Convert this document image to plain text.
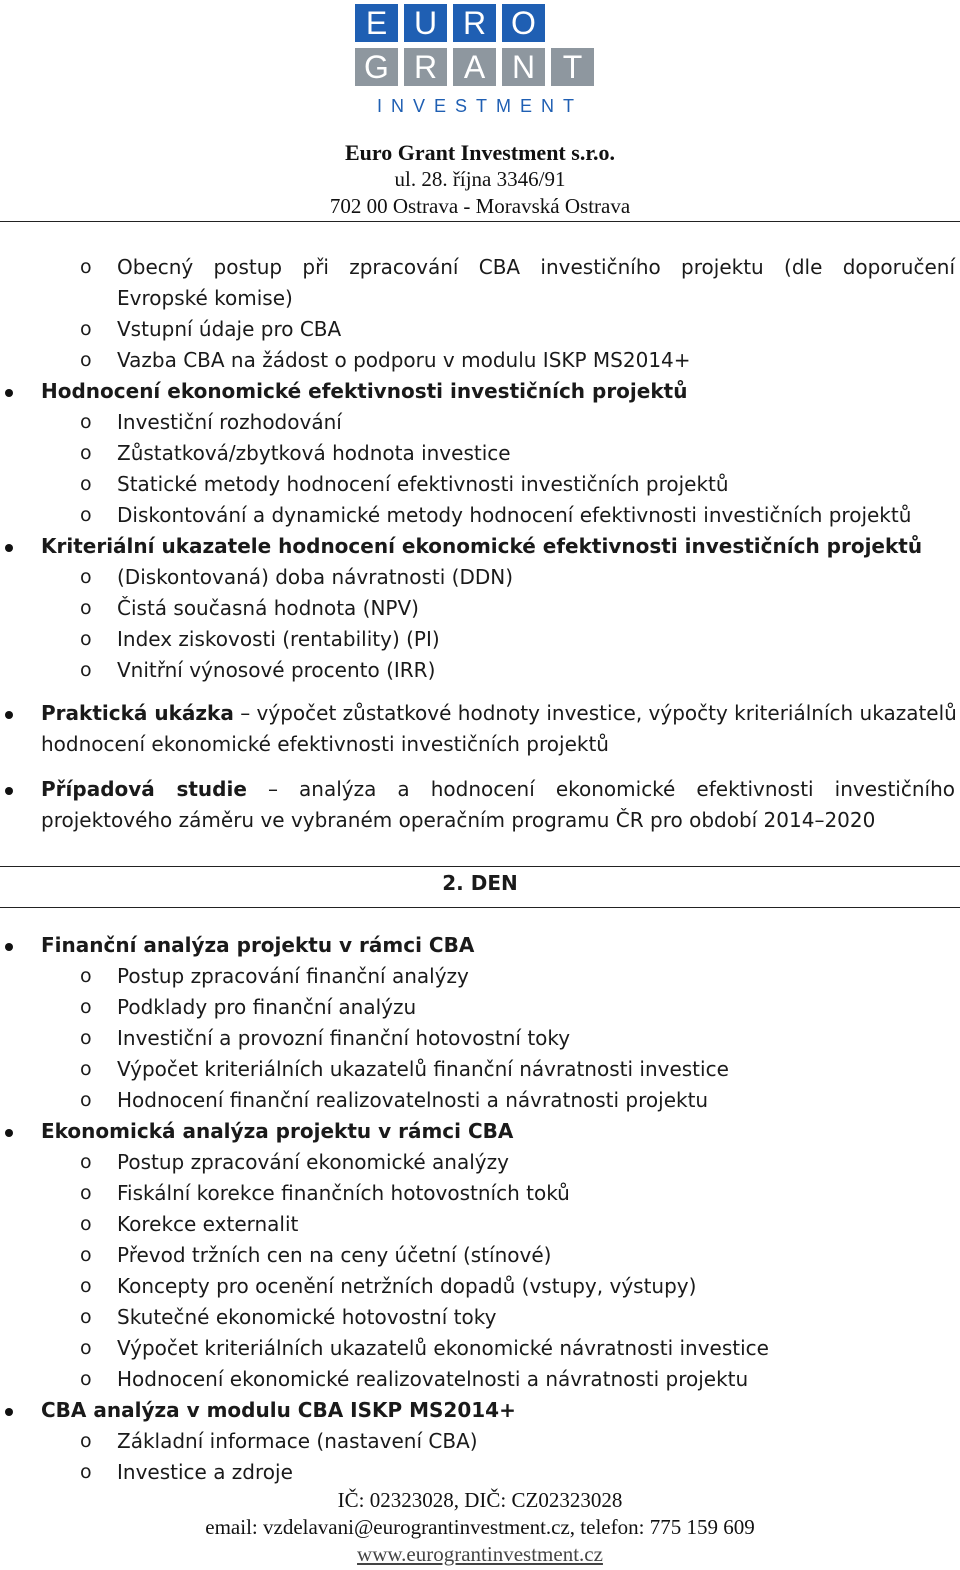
E U R O
G R A N T
INVESTMENT
Euro Grant Investment s.r.o.
ul. 28. října 3346/91
702 00 Ostrava - Moravská Ostrava
o Obecný postup při zpracování CBA investičního projektu (dle doporučení
Evropské komise)
o Vstupní údaje pro CBA
o Vazba CBA na žádost o podporu v modulu ISKP MS2014+
Hodnocení ekonomické efektivnosti investičních projektů
o Investiční rozhodování
o Zůstatková/zbytková hodnota investice
o Statické metody hodnocení efektivnosti investičních projektů
o Diskontování a dynamické metody hodnocení efektivnosti investičních projektů
Kriteriální ukazatele hodnocení ekonomické efektivnosti investičních projektů
o (Diskontovaná) doba návratnosti (DDN)
o Čistá současná hodnota (NPV)
o Index ziskovosti (rentability) (PI)
o Vnitřní výnosové procento (IRR)
Praktická ukázka – výpočet zůstatkové hodnoty investice, výpočty kriteriálních ukazatelů
hodnocení ekonomické efektivnosti investičních projektů
Případová studie – analýza a hodnocení ekonomické efektivnosti investičního
projektového záměru ve vybraném operačním programu ČR pro období 2014–2020
2. DEN
Finanční analýza projektu v rámci CBA
o Postup zpracování finanční analýzy
o Podklady pro finanční analýzu
o Investiční a provozní finanční hotovostní toky
o Výpočet kriteriálních ukazatelů finanční návratnosti investice
o Hodnocení finanční realizovatelnosti a návratnosti projektu
Ekonomická analýza projektu v rámci CBA
o Postup zpracování ekonomické analýzy
o Fiskální korekce finančních hotovostních toků
o Korekce externalit
o Převod tržních cen na ceny účetní (stínové)
o Koncepty pro ocenění netržních dopadů (vstupy, výstupy)
o Skutečné ekonomické hotovostní toky
o Výpočet kriteriálních ukazatelů ekonomické návratnosti investice
o Hodnocení ekonomické realizovatelnosti a návratnosti projektu
CBA analýza v modulu CBA ISKP MS2014+
o Základní informace (nastavení CBA)
o Investice a zdroje
IČ: 02323028, DIČ: CZ02323028
email: vzdelavani@eurograntinvestment.cz, telefon: 775 159 609
www.eurograntinvestment.cz
